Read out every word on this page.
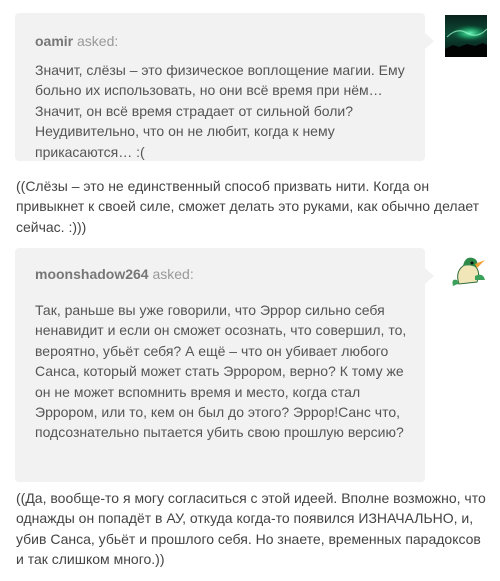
oamir asked:
Значит, слёзы – это физическое воплощение магии. Ему больно их использовать, но они всё время при нём… Значит, он всё время страдает от сильной боли? Неудивительно, что он не любит, когда к нему прикасаются… :(
((Слёзы – это не единственный способ призвать нити. Когда он привыкнет к своей силе, сможет делать это руками, как обычно делает сейчас. :)))
moonshadow264 asked:
Так, раньше вы уже говорили, что Эррор сильно себя ненавидит и если он сможет осознать, что совершил, то, вероятно, убьёт себя? А ещё – что он убивает любого Санса, который может стать Эррором, верно? К тому же он не может вспомнить время и место, когда стал Эррором, или то, кем он был до этого? Эррор!Санс что, подсознательно пытается убить свою прошлую версию?
((Да, вообще-то я могу согласиться с этой идеей. Вполне возможно, что однажды он попадёт в АУ, откуда когда-то появился ИЗНАЧАЛЬНО, и, убив Санса, убьёт и прошлого себя. Но знаете, временных парадоксов и так слишком много.))
